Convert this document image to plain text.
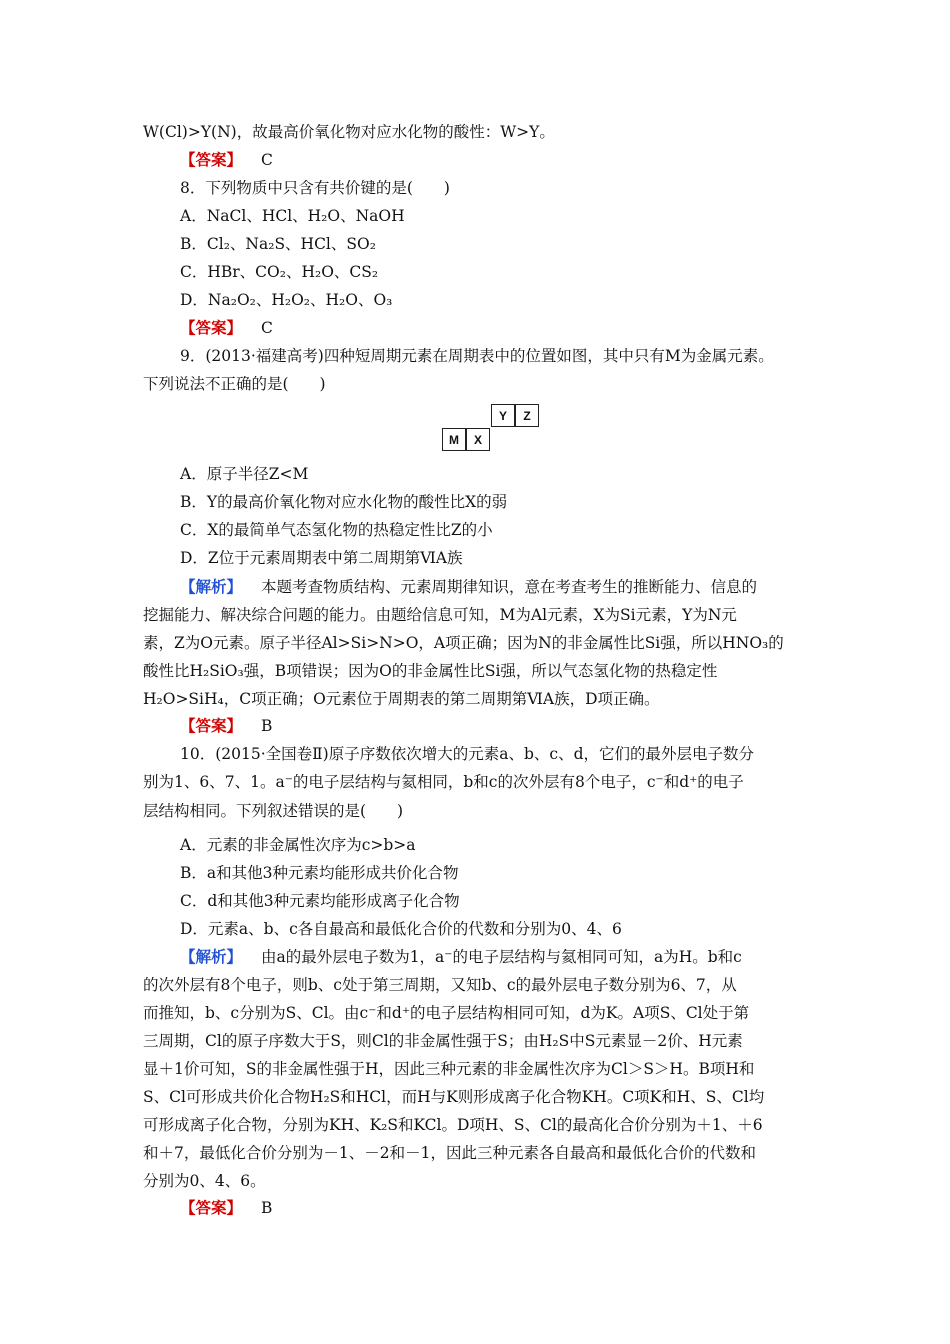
W(Cl)>Y(N)，故最高价氧化物对应水化物的酸性：W>Y。
【答案】 C
8．下列物质中只含有共价键的是(　　)
A．NaCl、HCl、H₂O、NaOH
B．Cl₂、Na₂S、HCl、SO₂
C．HBr、CO₂、H₂O、CS₂
D．Na₂O₂、H₂O₂、H₂O、O₃
【答案】 C
9．(2013·福建高考)四种短周期元素在周期表中的位置如图，其中只有M为金属元素。
下列说法不正确的是(　　)
Y	Z
M	X
A．原子半径Z<M
B．Y的最高价氧化物对应水化物的酸性比X的弱
C．X的最简单气态氢化物的热稳定性比Z的小
D．Z位于元素周期表中第二周期第ⅥA族
【解析】 本题考查物质结构、元素周期律知识，意在考查考生的推断能力、信息的
挖掘能力、解决综合问题的能力。由题给信息可知，M为Al元素，X为Si元素，Y为N元
素，Z为O元素。原子半径Al>Si>N>O，A项正确；因为N的非金属性比Si强，所以HNO₃的
酸性比H₂SiO₃强，B项错误；因为O的非金属性比Si强，所以气态氢化物的热稳定性
H₂O>SiH₄，C项正确；O元素位于周期表的第二周期第ⅥA族，D项正确。
【答案】 B
10．(2015·全国卷Ⅱ)原子序数依次增大的元素a、b、c、d，它们的最外层电子数分
别为1、6、7、1。a⁻的电子层结构与氦相同，b和c的次外层有8个电子，c⁻和d⁺的电子
层结构相同。下列叙述错误的是(　　)
A．元素的非金属性次序为c>b>a
B．a和其他3种元素均能形成共价化合物
C．d和其他3种元素均能形成离子化合物
D．元素a、b、c各自最高和最低化合价的代数和分别为0、4、6
【解析】 由a的最外层电子数为1，a⁻的电子层结构与氦相同可知，a为H。b和c
的次外层有8个电子，则b、c处于第三周期，又知b、c的最外层电子数分别为6、7，从
而推知，b、c分别为S、Cl。由c⁻和d⁺的电子层结构相同可知，d为K。A项S、Cl处于第
三周期，Cl的原子序数大于S，则Cl的非金属性强于S；由H₂S中S元素显－2价、H元素
显＋1价可知，S的非金属性强于H，因此三种元素的非金属性次序为Cl＞S＞H。B项H和
S、Cl可形成共价化合物H₂S和HCl，而H与K则形成离子化合物KH。C项K和H、S、Cl均
可形成离子化合物，分别为KH、K₂S和KCl。D项H、S、Cl的最高化合价分别为＋1、＋6
和＋7，最低化合价分别为－1、－2和－1，因此三种元素各自最高和最低化合价的代数和
分别为0、4、6。
【答案】 B
